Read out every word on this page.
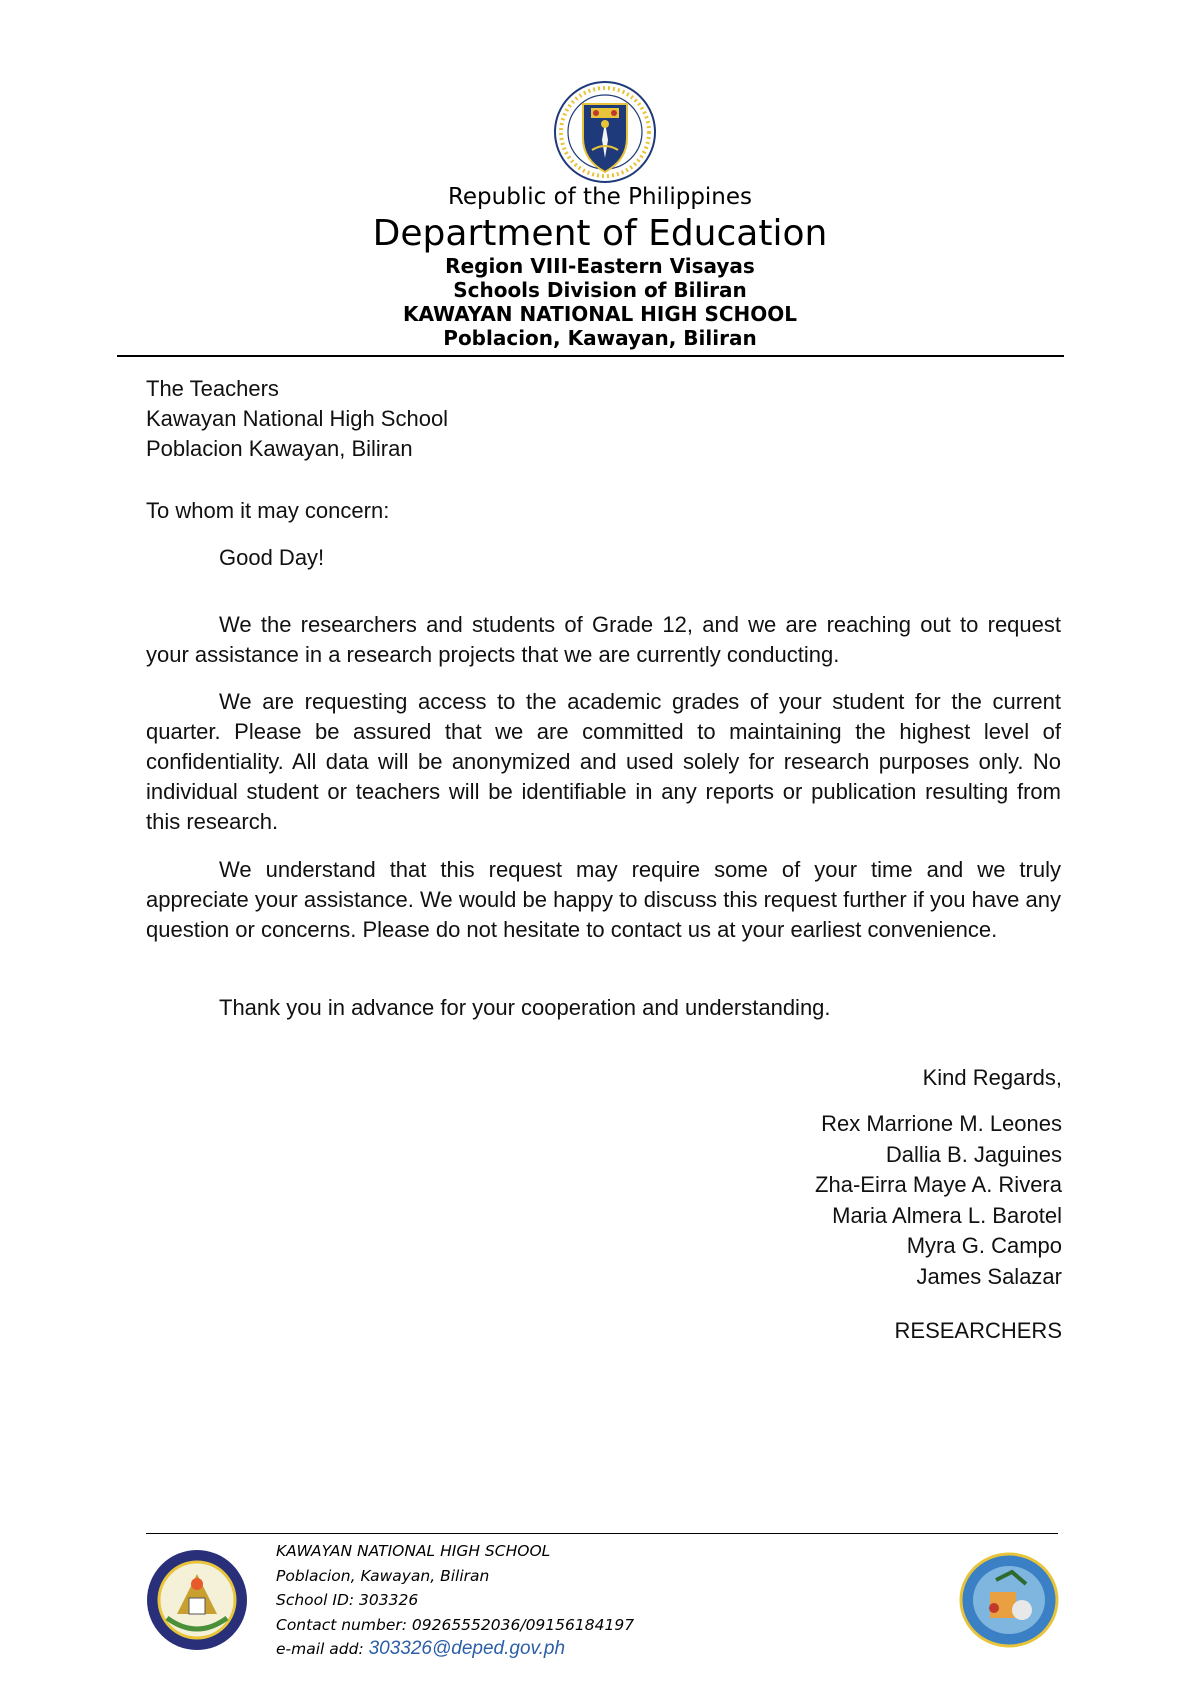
Republic of the Philippines
Department of Education
Region VIII-Eastern Visayas
Schools Division of Biliran
KAWAYAN NATIONAL HIGH SCHOOL
Poblacion, Kawayan, Biliran

The Teachers

Kawayan National High School

Poblacion Kawayan, Biliran

To whom it may concern:
Good Day!

We the researchers and students of Grade 12, and we are reaching out to request your assistance in a research projects that we are currently conducting.

We are requesting access to the academic grades of your student for the current quarter. Please be assured that we are committed to maintaining the highest level of confidentiality. All data will be anonymized and used solely for research purposes only. No individual student or teachers will be identifiable in any reports or publication resulting from this research.

We understand that this request may require some of your time and we truly appreciate your assistance. We would be happy to discuss this request further if you have any question or concerns. Please do not hesitate to contact us at your earliest convenience.

Thank you in advance for your cooperation and understanding.

Kind Regards,

Rex Marrione M. Leones

Dallia B. Jaguines

Zha-Eirra Maye A. Rivera

Maria Almera L. Barotel

Myra G. Campo

James Salazar

RESEARCHERS
KAWAYAN NATIONAL HIGH SCHOOL
Poblacion, Kawayan, Biliran
School ID: 303326
Contact number: 09265552036/09156184197
e-mail add: 303326@deped.gov.ph
